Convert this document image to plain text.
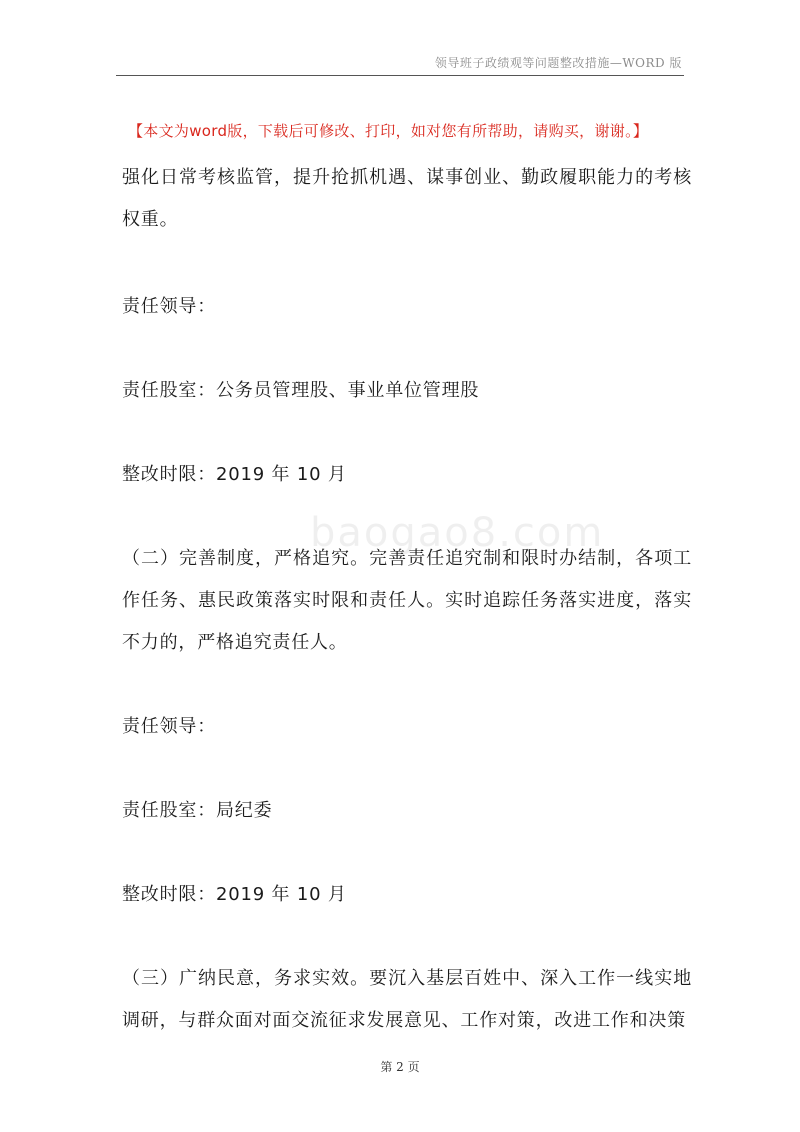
领导班子政绩观等问题整改措施—WORD 版
【本文为word版，下载后可修改、打印，如对您有所帮助，请购买，谢谢。】
baogao8.com

强化日常考核监管，提升抢抓机遇、谋事创业、勤政履职能力的考核权重。

责任领导：

责任股室：公务员管理股、事业单位管理股

整改时限：2019 年 10 月

（二）完善制度，严格追究。完善责任追究制和限时办结制，各项工作任务、惠民政策落实时限和责任人。实时追踪任务落实进度，落实不力的，严格追究责任人。

责任领导：

责任股室：局纪委

整改时限：2019 年 10 月

（三）广纳民意，务求实效。要沉入基层百姓中、深入工作一线实地调研，与群众面对面交流征求发展意见、工作对策，改进工作和决策

第 2 页
